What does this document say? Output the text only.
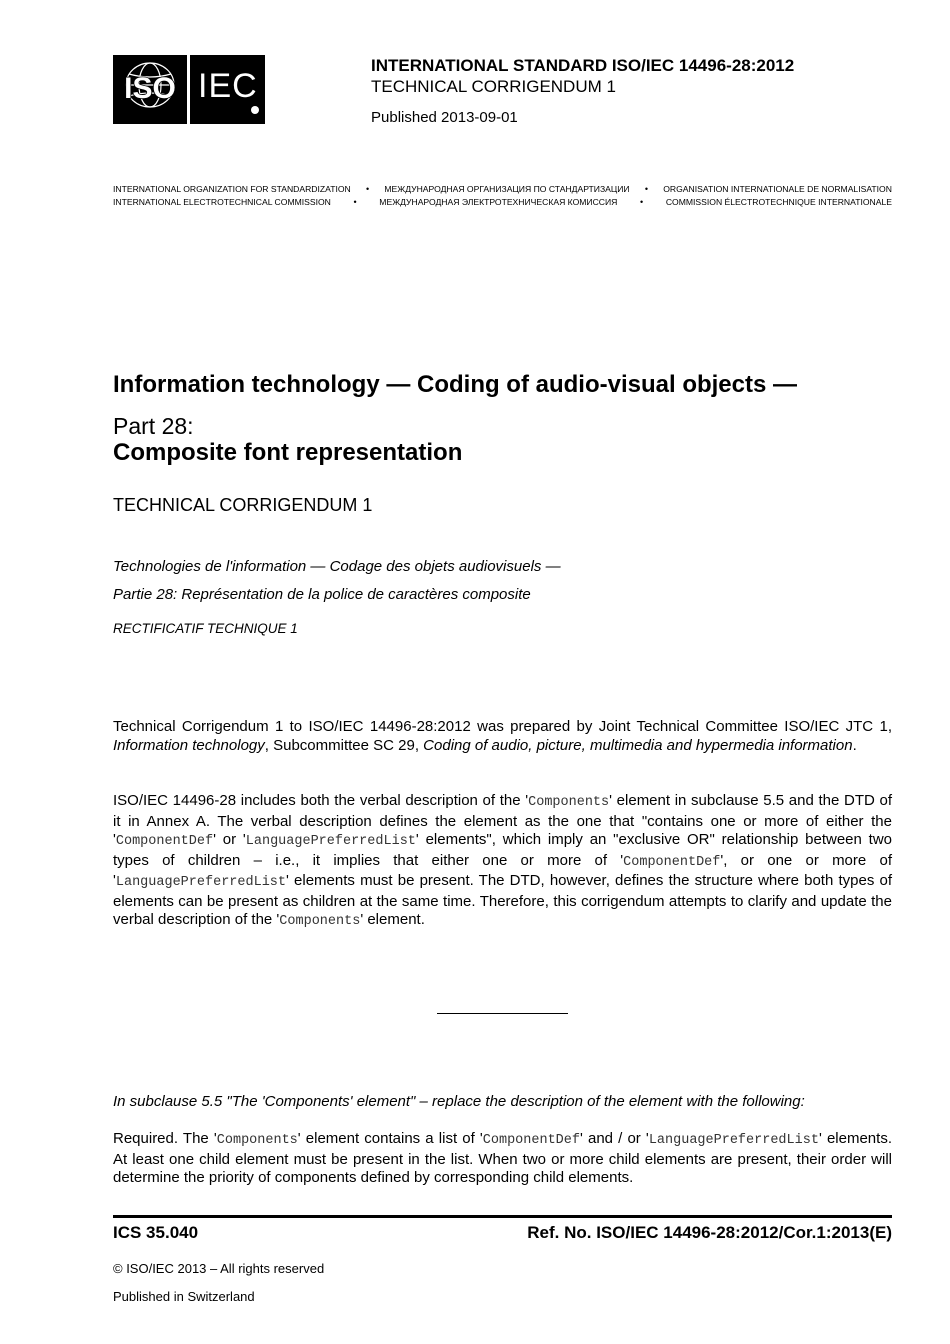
ISO IEC
INTERNATIONAL STANDARD ISO/IEC 14496-28:2012
TECHNICAL CORRIGENDUM 1
Published 2013-09-01
INTERNATIONAL ORGANIZATION FOR STANDARDIZATION • МЕЖДУНАРОДНАЯ ОРГАНИЗАЦИЯ ПО СТАНДАРТИЗАЦИИ • ORGANISATION INTERNATIONALE DE NORMALISATION
INTERNATIONAL ELECTROTECHNICAL COMMISSION	•	МЕЖДУНАРОДНАЯ ЭЛЕКТРОТЕХНИЧЕСКАЯ КОМИССИЯ	•	COMMISSION ÉLECTROTECHNIQUE INTERNATIONALE
Information technology — Coding of audio-visual objects —
Part 28:
Composite font representation
TECHNICAL CORRIGENDUM 1
Technologies de l'information — Codage des objets audiovisuels —
Partie 28: Représentation de la police de caractères composite
RECTIFICATIF TECHNIQUE 1
Technical Corrigendum 1 to ISO/IEC 14496-28:2012 was prepared by Joint Technical Committee ISO/IEC JTC 1, Information technology, Subcommittee SC 29, Coding of audio, picture, multimedia and hypermedia information.
ISO/IEC 14496-28 includes both the verbal description of the 'Components' element in subclause 5.5 and the DTD of it in Annex A. The verbal description defines the element as the one that "contains one or more of either the 'ComponentDef' or 'LanguagePreferredList' elements", which imply an "exclusive OR" relationship between two types of children – i.e., it implies that either one or more of 'ComponentDef', or one or more of 'LanguagePreferredList' elements must be present. The DTD, however, defines the structure where both types of elements can be present as children at the same time. Therefore, this corrigendum attempts to clarify and update the verbal description of the 'Components' element.
In subclause 5.5 "The 'Components' element" – replace the description of the element with the following:
Required. The 'Components' element contains a list of 'ComponentDef' and / or 'LanguagePreferredList' elements. At least one child element must be present in the list. When two or more child elements are present, their order will determine the priority of components defined by corresponding child elements.
ICS 35.040	Ref. No. ISO/IEC 14496-28:2012/Cor.1:2013(E)
© ISO/IEC 2013 – All rights reserved
Published in Switzerland
